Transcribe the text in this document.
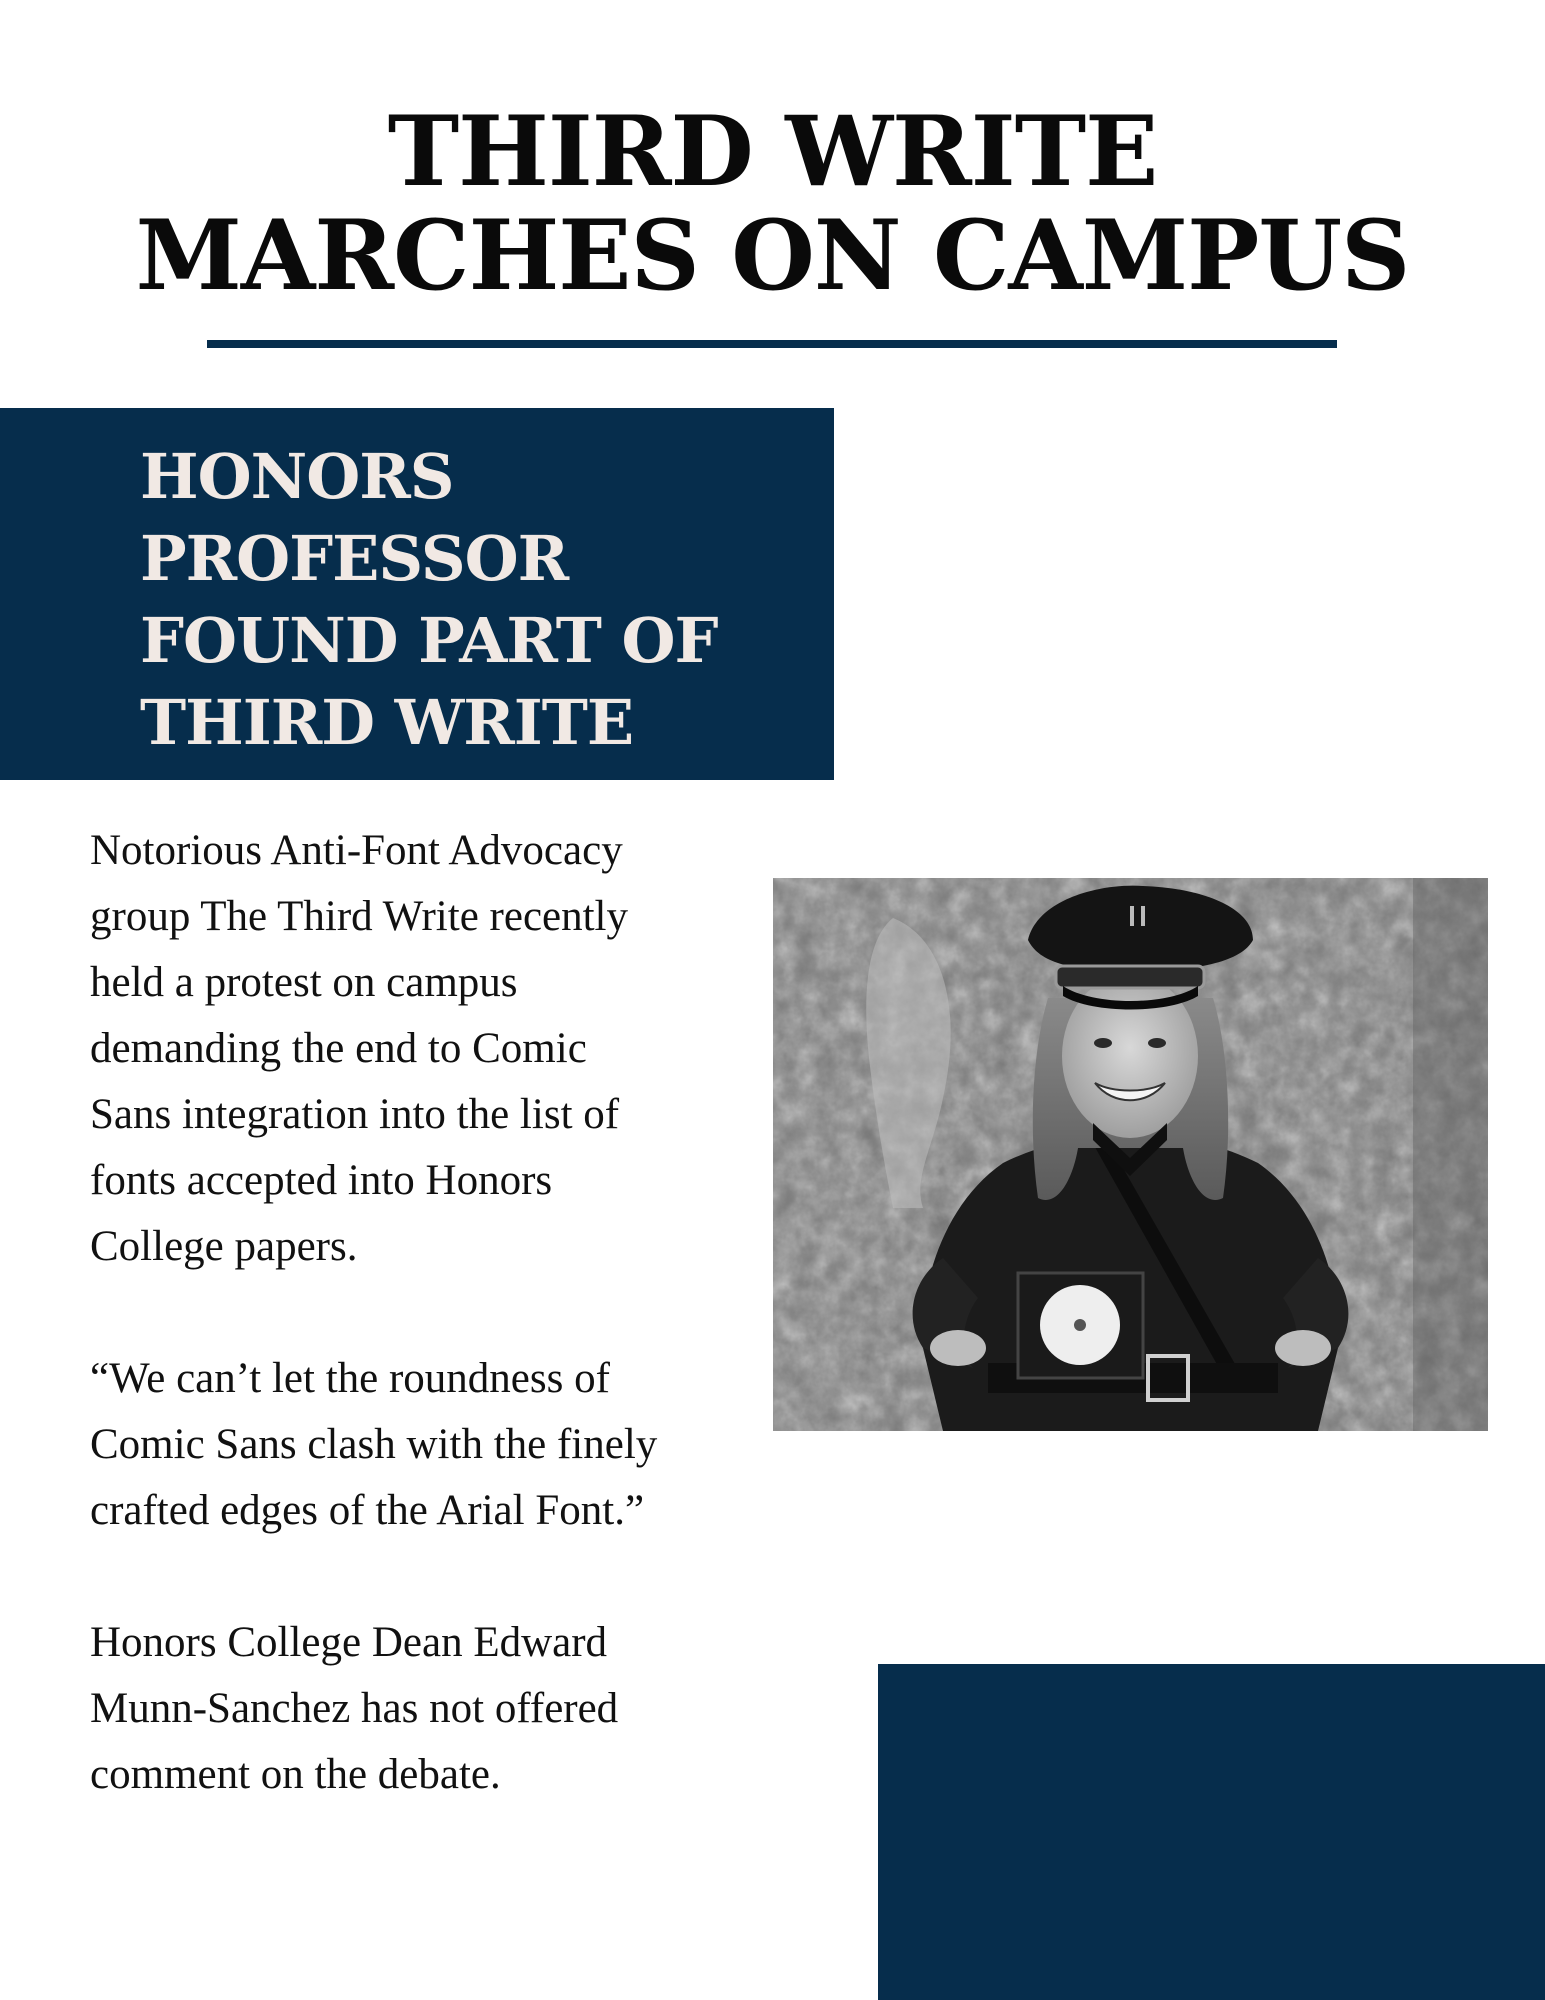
THIRD WRITE
MARCHES ON CAMPUS
HONORS
PROFESSOR
FOUND PART OF
THIRD WRITE

Notorious Anti-Font Advocacy
group The Third Write recently
held a protest on campus
demanding the end to Comic
Sans integration into the list of
fonts accepted into Honors
College papers.

“We can’t let the roundness of
Comic Sans clash with the finely
crafted edges of the Arial Font.”

Honors College Dean Edward
Munn-Sanchez has not offered
comment on the debate.
